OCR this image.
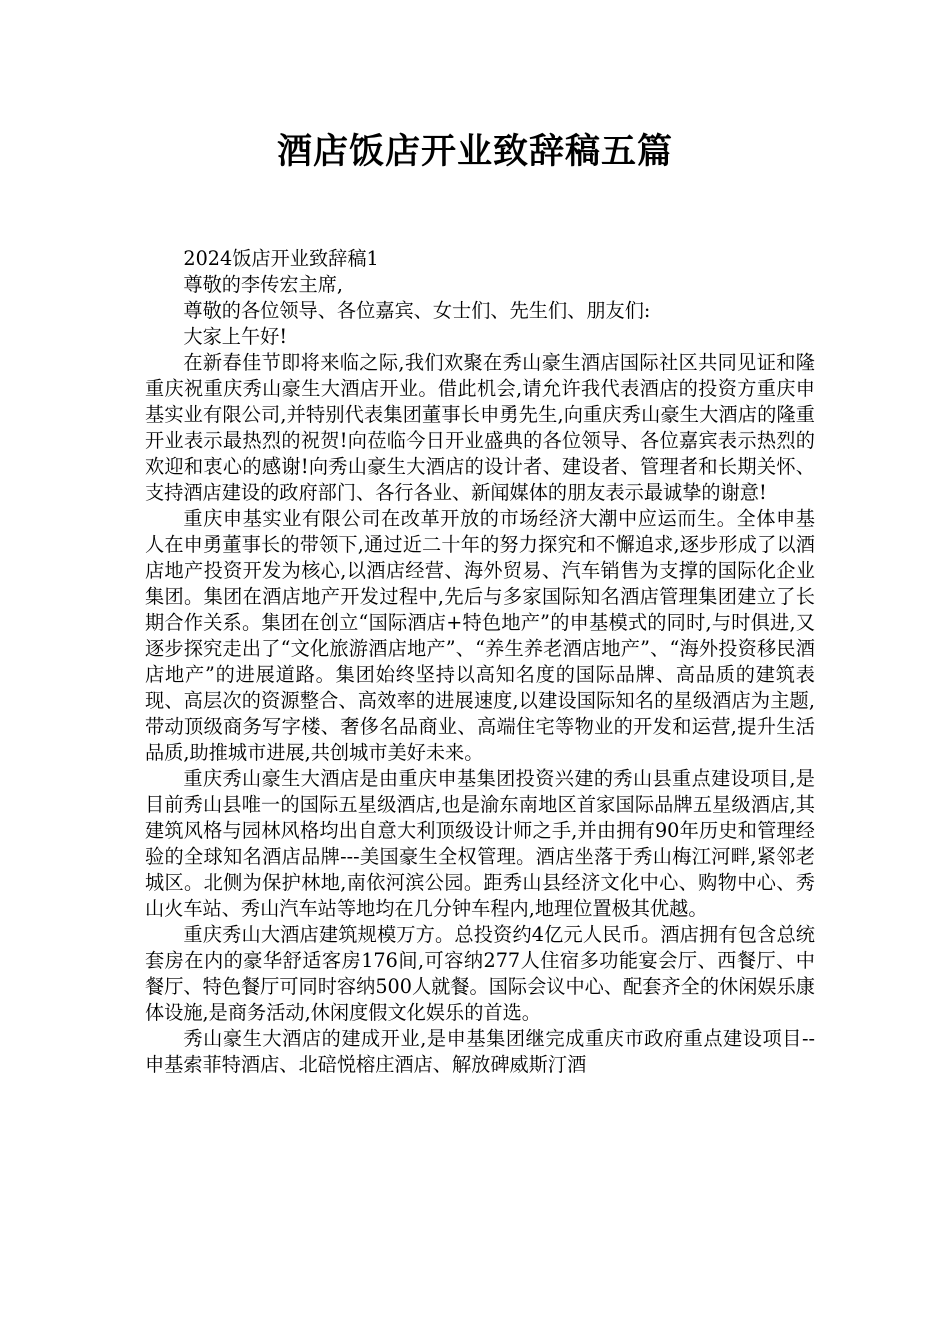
酒店饭店开业致辞稿五篇

2024饭店开业致辞稿1

尊敬的李传宏主席,

尊敬的各位领导、各位嘉宾、女士们、先生们、朋友们:

大家上午好!

在新春佳节即将来临之际,我们欢聚在秀山豪生酒店国际社区共同见证和隆重庆祝重庆秀山豪生大酒店开业。借此机会,请允许我代表酒店的投资方重庆申基实业有限公司,并特别代表集团董事长申勇先生,向重庆秀山豪生大酒店的隆重开业表示最热烈的祝贺!向莅临今日开业盛典的各位领导、各位嘉宾表示热烈的欢迎和衷心的感谢!向秀山豪生大酒店的设计者、建设者、管理者和长期关怀、支持酒店建设的政府部门、各行各业、新闻媒体的朋友表示最诚挚的谢意!

重庆申基实业有限公司在改革开放的市场经济大潮中应运而生。全体申基人在申勇董事长的带领下,通过近二十年的努力探究和不懈追求,逐步形成了以酒店地产投资开发为核心,以酒店经营、海外贸易、汽车销售为支撑的国际化企业集团。集团在酒店地产开发过程中,先后与多家国际知名酒店管理集团建立了长期合作关系。集团在创立“国际酒店+特色地产”的申基模式的同时,与时俱进,又逐步探究走出了“文化旅游酒店地产”、“养生养老酒店地产”、“海外投资移民酒店地产”的进展道路。集团始终坚持以高知名度的国际品牌、高品质的建筑表现、高层次的资源整合、高效率的进展速度,以建设国际知名的星级酒店为主题,带动顶级商务写字楼、奢侈名品商业、高端住宅等物业的开发和运营,提升生活品质,助推城市进展,共创城市美好未来。

重庆秀山豪生大酒店是由重庆申基集团投资兴建的秀山县重点建设项目,是目前秀山县唯一的国际五星级酒店,也是渝东南地区首家国际品牌五星级酒店,其建筑风格与园林风格均出自意大利顶级设计师之手,并由拥有90年历史和管理经验的全球知名酒店品牌---美国豪生全权管理。酒店坐落于秀山梅江河畔,紧邻老城区。北侧为保护林地,南依河滨公园。距秀山县经济文化中心、购物中心、秀山火车站、秀山汽车站等地均在几分钟车程内,地理位置极其优越。

重庆秀山大酒店建筑规模万方。总投资约4亿元人民币。酒店拥有包含总统套房在内的豪华舒适客房176间,可容纳277人住宿多功能宴会厅、西餐厅、中餐厅、特色餐厅可同时容纳500人就餐。国际会议中心、配套齐全的休闲娱乐康体设施,是商务活动,休闲度假文化娱乐的首选。

秀山豪生大酒店的建成开业,是申基集团继完成重庆市政府重点建设项目--申基索菲特酒店、北碚悦榕庄酒店、解放碑威斯汀酒
